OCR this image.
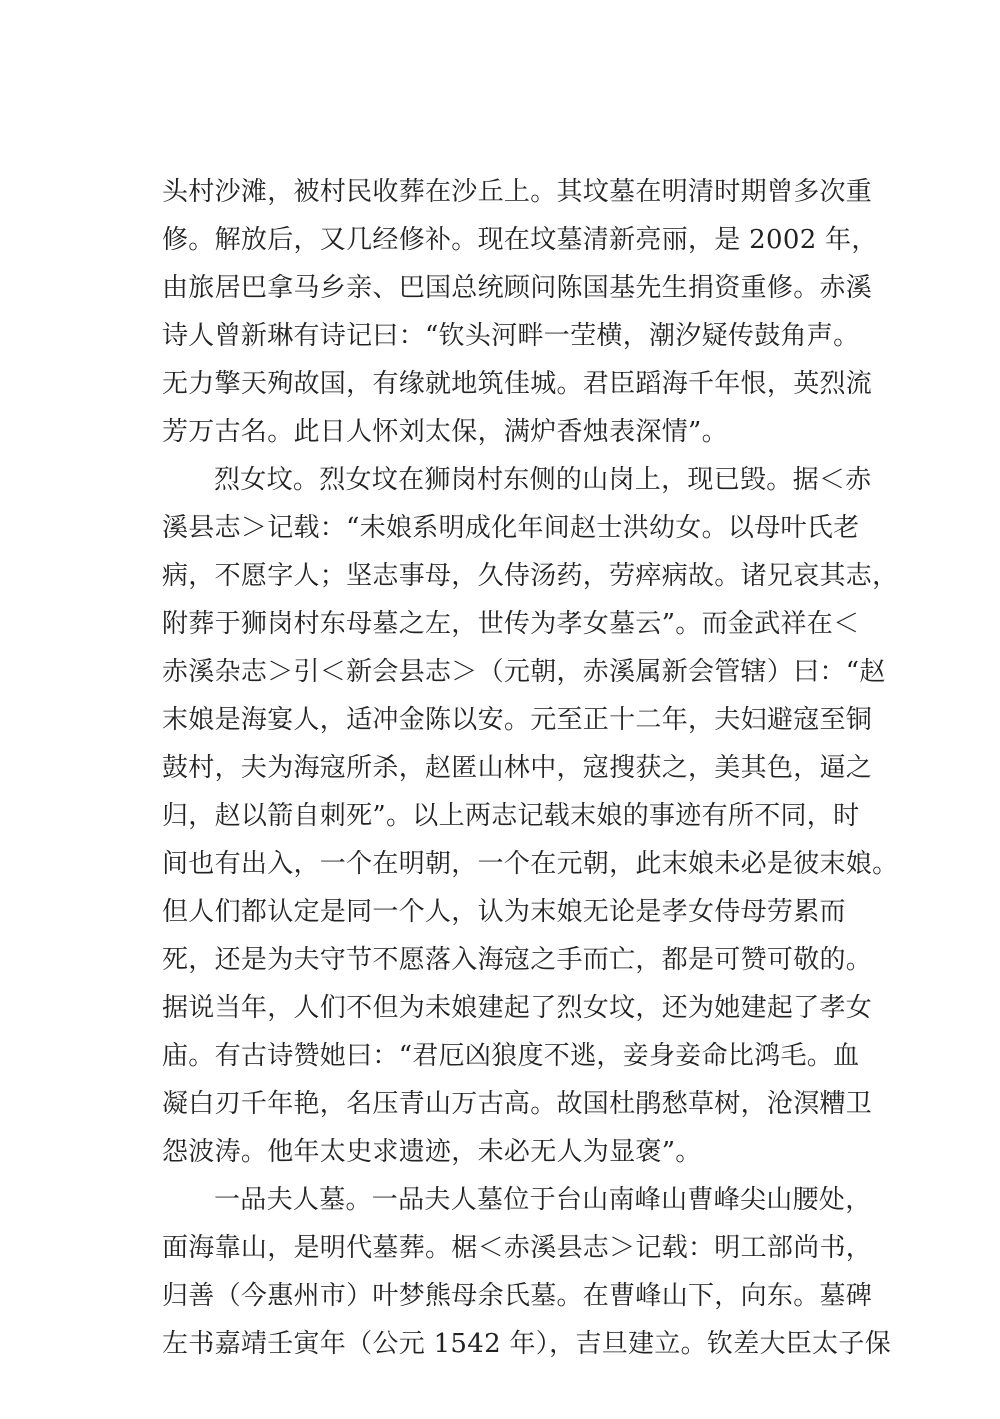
头村沙滩，被村民收葬在沙丘上。其坟墓在明清时期曾多次重
修。解放后，又几经修补。现在坟墓清新亮丽，是 2002 年，
由旅居巴拿马乡亲、巴国总统顾问陈国基先生捐资重修。赤溪
诗人曾新琳有诗记曰：“钦头河畔一茔横，潮汐疑传鼓角声。
无力擎天殉故国，有缘就地筑佳城。君臣蹈海千年恨，英烈流
芳万古名。此日人怀刘太保，满炉香烛表深情”。
烈女坟。烈女坟在狮岗村东侧的山岗上，现已毁。据＜赤
溪县志＞记载：“未娘系明成化年间赵士洪幼女。以母叶氏老
病，不愿字人；坚志事母，久侍汤药，劳瘁病故。诸兄哀其志，
附葬于狮岗村东母墓之左，世传为孝女墓云”。而金武祥在＜
赤溪杂志＞引＜新会县志＞（元朝，赤溪属新会管辖）曰：“赵
末娘是海宴人，适冲金陈以安。元至正十二年，夫妇避寇至铜
鼓村，夫为海寇所杀，赵匿山林中，寇搜获之，美其色，逼之
归，赵以箭自刺死”。以上两志记载末娘的事迹有所不同，时
间也有出入，一个在明朝，一个在元朝，此末娘未必是彼末娘。
但人们都认定是同一个人，认为末娘无论是孝女侍母劳累而
死，还是为夫守节不愿落入海寇之手而亡，都是可赞可敬的。
据说当年，人们不但为未娘建起了烈女坟，还为她建起了孝女
庙。有古诗赞她曰：“君厄凶狼度不逃，妾身妾命比鸿毛。血
凝白刃千年艳，名压青山万古高。故国杜鹃愁草树，沧溟糟卫
怨波涛。他年太史求遗迹，未必无人为显褒”。
一品夫人墓。一品夫人墓位于台山南峰山曹峰尖山腰处，
面海靠山，是明代墓葬。椐＜赤溪县志＞记载：明工部尚书，
归善（今惠州市）叶梦熊母余氏墓。在曹峰山下，向东。墓碑
左书嘉靖壬寅年（公元 1542 年），吉旦建立。钦差大臣太子保
